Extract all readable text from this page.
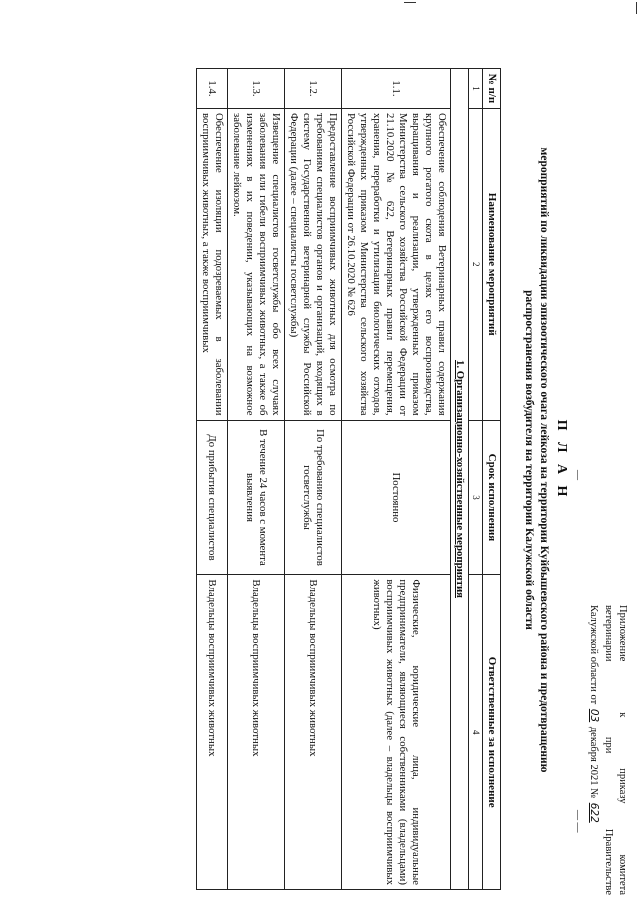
Приложение
к
приказу
комитета
ветеринарии
при
Правительстве
Калужской области от 03 декабря 2021 № 622
—
— —
П Л А Н
мероприятий по ликвидации эпизоотического очага лейкоза на территории Куйбышевского района и предотвращению
распространения возбудителя на территории Калужской области
№ п/п	Наименование мероприятий	Срок исполнения	Ответственные за исполнение
1	2	3	4
1. Организационно-хозяйственные мероприятия			
1.1.	Обеспечение соблюдения Ветеринарных правил содержания крупного рогатого скота в целях его воспроизводства, выращивания и реализации, утвержденных приказом Министерства сельского хозяйства Российской Федерации от 21.10.2020 № 622, Ветеринарных правил перемещения, хранения, переработки и утилизации биологических отходов, утвержденных приказом Министерства сельского хозяйства Российской Федерации от 26.10.2020 № 626	Постоянно	Физические, юридические лица, индивидуальные предприниматели, являющиеся собственниками (владельцами) восприимчивых животных (далее – владельцы восприимчивых животных)
1.2.	Предоставление восприимчивых животных для осмотра по требованиям специалистов органов и организаций, входящих в систему Государственной ветеринарной службы Российской Федерации (далее – специалисты госветслужбы)	По требованию специалистов госветслужбы	Владельцы восприимчивых животных
1.3.	Извещение специалистов госветслужбы обо всех случаях заболевания или гибели восприимчивых животных, а также об изменениях в их поведении, указывающих на возможное заболевание лейкозом.	В течение 24 часов с момента выявления	Владельцы восприимчивых животных
1.4.	Обеспечение изоляции подозреваемых в заболевании восприимчивых животных, а также восприимчивых	До прибытия специалистов	Владельцы восприимчивых животных
